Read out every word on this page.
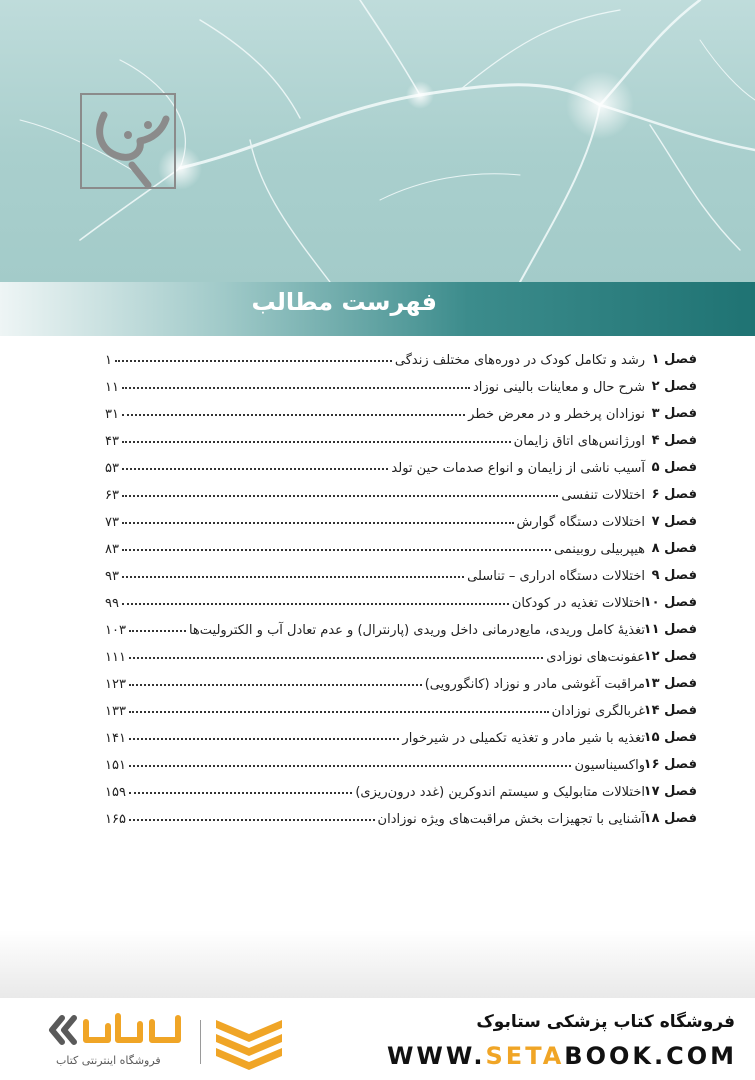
فهرست مطالب
فصل ۱
رشد و تکامل کودک در دوره‌های مختلف زندگی
۱
فصل ۲
شرح حال و معاینات بالینی نوزاد
۱۱
فصل ۳
نوزادان پرخطر و در معرض خطر
۳۱
فصل ۴
اورژانس‌های اتاق زایمان
۴۳
فصل ۵
آسیب ناشی از زایمان و انواع صدمات حین تولد
۵۳
فصل ۶
اختلالات تنفسی
۶۳
فصل ۷
اختلالات دستگاه گوارش
۷۳
فصل ۸
هیپربیلی روبینمی
۸۳
فصل ۹
اختلالات دستگاه ادراری – تناسلی
۹۳
فصل ۱۰
اختلالات تغذیه در کودکان
۹۹
فصل ۱۱
تغذیهٔ کامل وریدی، مایع‌درمانی داخل وریدی (پارنترال) و عدم تعادل آب و الکترولیت‌ها
۱۰۳
فصل ۱۲
عفونت‌های نوزادی
۱۱۱
فصل ۱۳
مراقبت آغوشی مادر و نوزاد (کانگورویی)
۱۲۳
فصل ۱۴
غربالگری نوزادان
۱۳۳
فصل ۱۵
تغذیه با شیر مادر و تغذیه تکمیلی در شیرخوار
۱۴۱
فصل ۱۶
واکسیناسیون
۱۵۱
فصل ۱۷
اختلالات متابولیک و سیستم اندوکرین (غدد درون‌ریزی)
۱۵۹
فصل ۱۸
آشنایی با تجهیزات بخش مراقبت‌های ویژه نوزادان
۱۶۵

فروشگاه کتاب پزشکی ستابوک

WWW.SETABOOK.COM

فروشگاه اینترنتی کتاب
